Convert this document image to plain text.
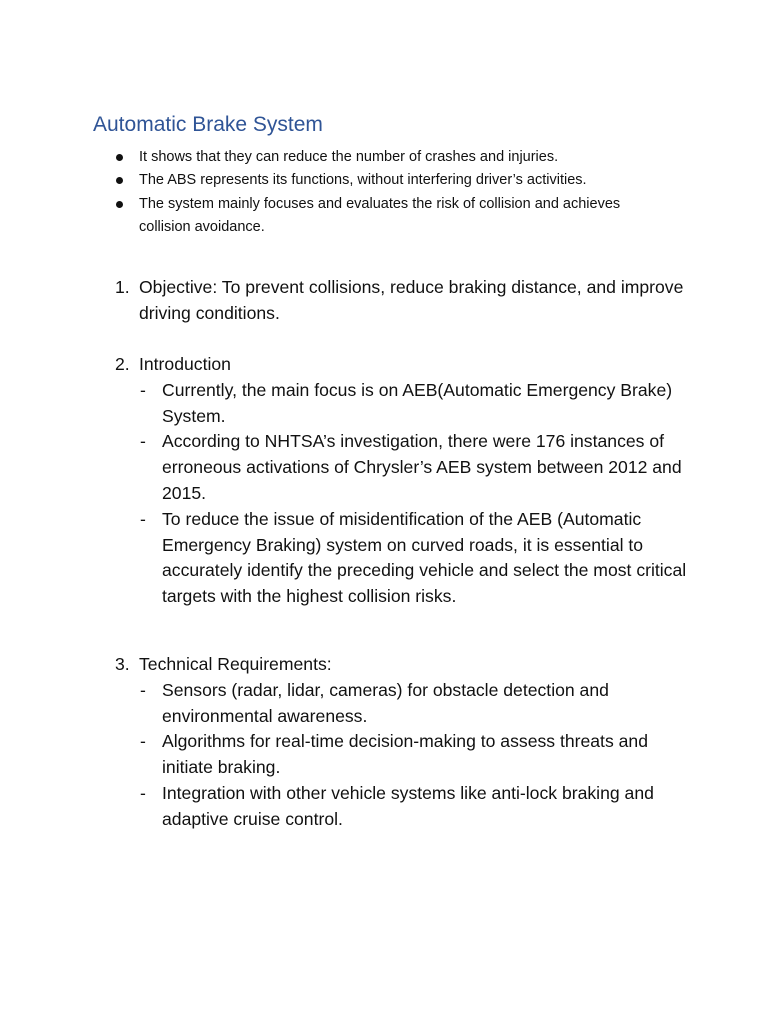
Automatic Brake System
It shows that they can reduce the number of crashes and injuries.
The ABS represents its functions, without interfering driver’s activities.
The system mainly focuses and evaluates the risk of collision and achieves collision avoidance.
1. Objective: To prevent collisions, reduce braking distance, and improve driving conditions.
2. Introduction
- Currently, the main focus is on AEB(Automatic Emergency Brake) System.
- According to NHTSA’s investigation, there were 176 instances of erroneous activations of Chrysler’s AEB system between 2012 and 2015.
- To reduce the issue of misidentification of the AEB (Automatic Emergency Braking) system on curved roads, it is essential to accurately identify the preceding vehicle and select the most critical targets with the highest collision risks.
3. Technical Requirements:
- Sensors (radar, lidar, cameras) for obstacle detection and environmental awareness.
- Algorithms for real-time decision-making to assess threats and initiate braking.
- Integration with other vehicle systems like anti-lock braking and adaptive cruise control.
